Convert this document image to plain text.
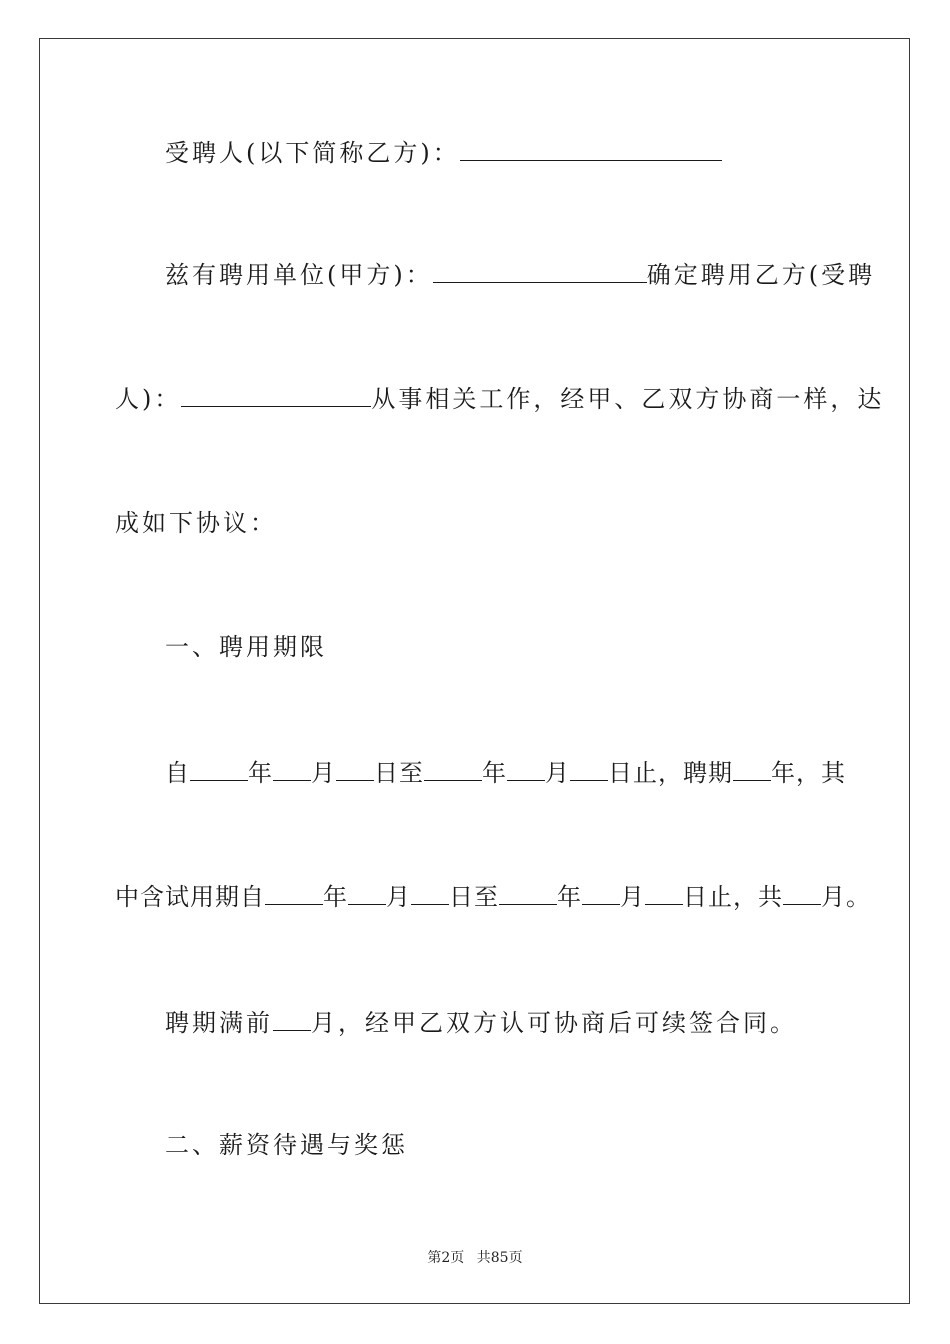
受聘人(以下简称乙方)：
兹有聘用单位(甲方)：	确定聘用乙方(受聘
人)：	从事相关工作，经甲、乙双方协商一样，达
成如下协议：
一、聘用期限
自 年 月 日至 年 月 日止，聘期 年，其
中含试用期自 年 月 日至 年 月 日止，共 月。
聘期满前 月，经甲乙双方认可协商后可续签合同。
二、薪资待遇与奖惩
第2页 共85页
